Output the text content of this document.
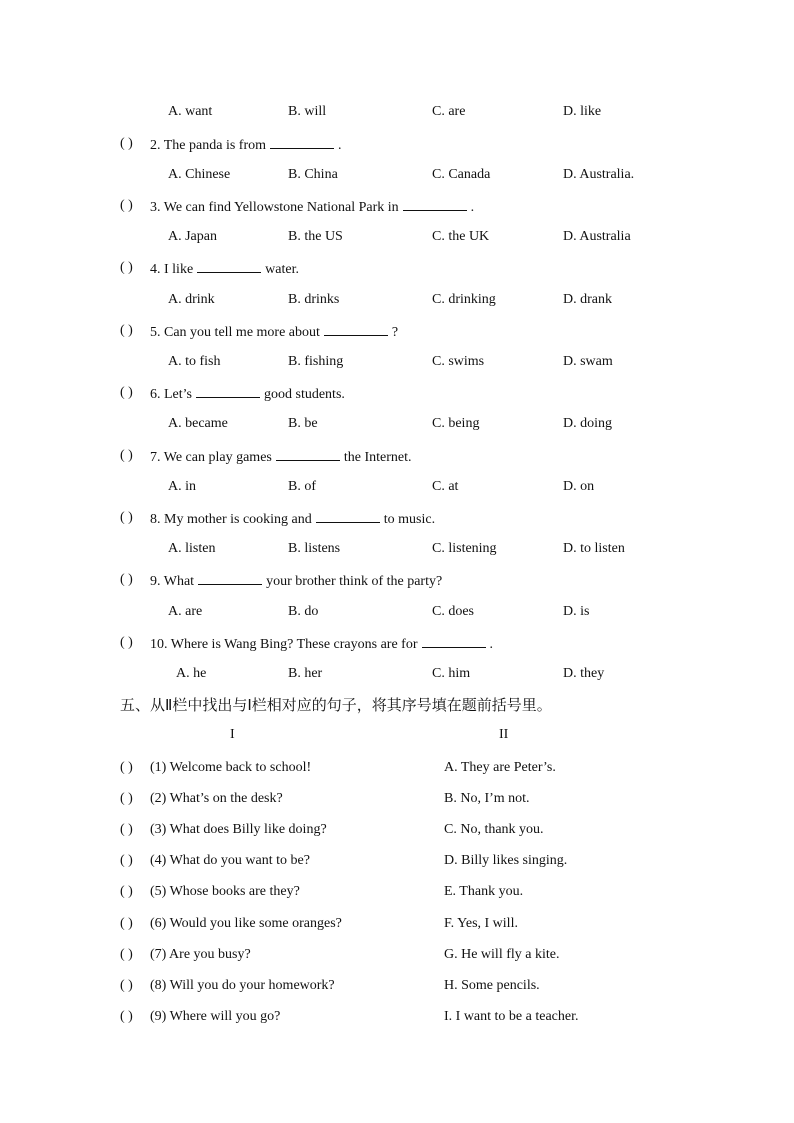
A. want	B. will	C. are	D. like
( ) 2. The panda is from	.
A. Chinese	B. China	C. Canada	D. Australia.
( ) 3. We can find Yellowstone National Park in	.
A. Japan	B. the US	C. the UK	D. Australia
( ) 4. I like	water.
A. drink	B. drinks	C. drinking	D. drank
( ) 5. Can you tell me more about	?
A. to fish	B. fishing	C. swims	D. swam
( ) 6. Let’s	good students.
A. became	B. be	C. being	D. doing
( ) 7. We can play games	the Internet.
A. in	B. of	C. at	D. on
( ) 8. My mother is cooking and	to music.
A. listen	B. listens	C. listening	D. to listen
( ) 9. What	your brother think of the party?
A. are	B. do	C. does	D. is
( ) 10. Where is Wang Bing? These crayons are for	.
A. he	B. her	C. him	D. they
五、从Ⅱ栏中找出与Ⅰ栏相对应的句子，将其序号填在题前括号里。
I	II
( ) (1) Welcome back to school!	A. They are Peter’s.
( ) (2) What’s on the desk?	B. No, I’m not.
( ) (3) What does Billy like doing?	C. No, thank you.
( ) (4) What do you want to be?	D. Billy likes singing.
( ) (5) Whose books are they?	E. Thank you.
( ) (6) Would you like some oranges?	F. Yes, I will.
( ) (7) Are you busy?	G. He will fly a kite.
( ) (8) Will you do your homework?	H. Some pencils.
( ) (9) Where will you go?	I. I want to be a teacher.
